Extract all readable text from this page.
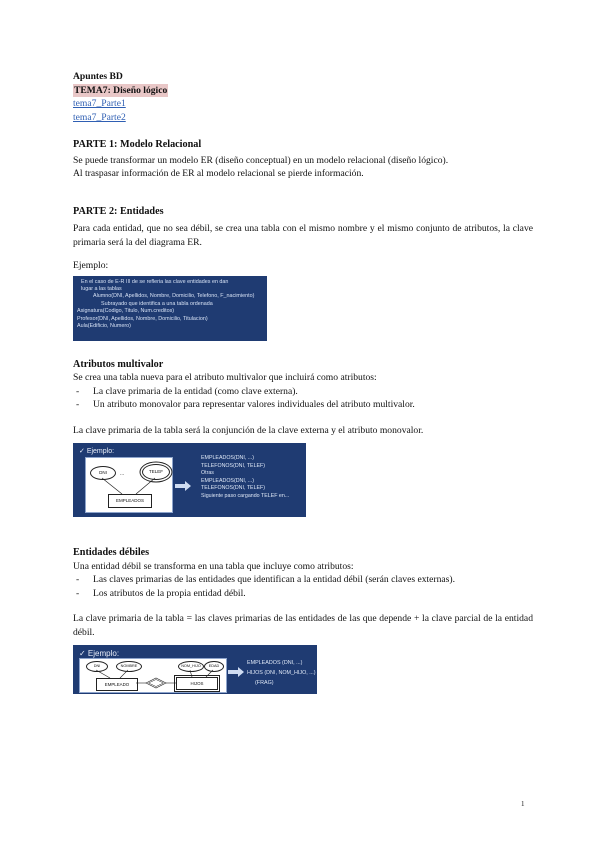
Apuntes BD
TEMA7: Diseño lógico
tema7_Parte1
tema7_Parte2
PARTE 1: Modelo Relacional

Se puede transformar un modelo ER (diseño conceptual) en un modelo relacional (diseño lógico).

Al traspasar información de ER al modelo relacional se pierde información.

PARTE 2: Entidades

Para cada entidad, que no sea débil, se crea una tabla con el mismo nombre y el mismo conjunto de atributos, la clave primaria será la del diagrama ER.

Ejemplo:

En el caso de E-R III de se refleria las clave entidades en dan
lugar a las tablas
Alumno(DNI, Apellidos, Nombre, Domicilio, Telefono, F_nacimiento)
Subrayado que identifica a una tabla ordenada
Asignatura(Codigo, Titulo, Num.creditos)
Profesor(DNI, Apellidos, Nombre, Domicilio, Titulacion)
Aula(Edificio, Numero)
Atributos multivalor

Se crea una tabla nueva para el atributo multivalor que incluirá como atributos:

- La clave primaria de la entidad (como clave externa).
- Un atributo monovalor para representar valores individuales del atributo multivalor.

La clave primaria de la tabla será la conjunción de la clave externa y el atributo monovalor.

✓ Ejemplo:
DNI	...	TELEF
EMPLEADOS
EMPLEADOS(DNI, ...)
TELEFONOS(DNI, TELEF)
Otras
EMPLEADOS(DNI, ...)
TELEFONOS(DNI, TELEF)
Siguiente paso cargando TELEF en...
Entidades débiles

Una entidad débil se transforma en una tabla que incluye como atributos:

- Las claves primarias de las entidades que identifican a la entidad débil (serán claves externas).
- Los atributos de la propia entidad débil.

La clave primaria de la tabla = las claves primarias de las entidades de las que depende + la clave parcial de la entidad débil.

✓ Ejemplo:
DNI	NOMBRE	NOM_HIJO	EDAD
EMPLEADO	HIJOS
EMPLEADOS (DNI, ...)
HIJOS (DNI, NOM_HIJO, ...)
(FRAG)
1
